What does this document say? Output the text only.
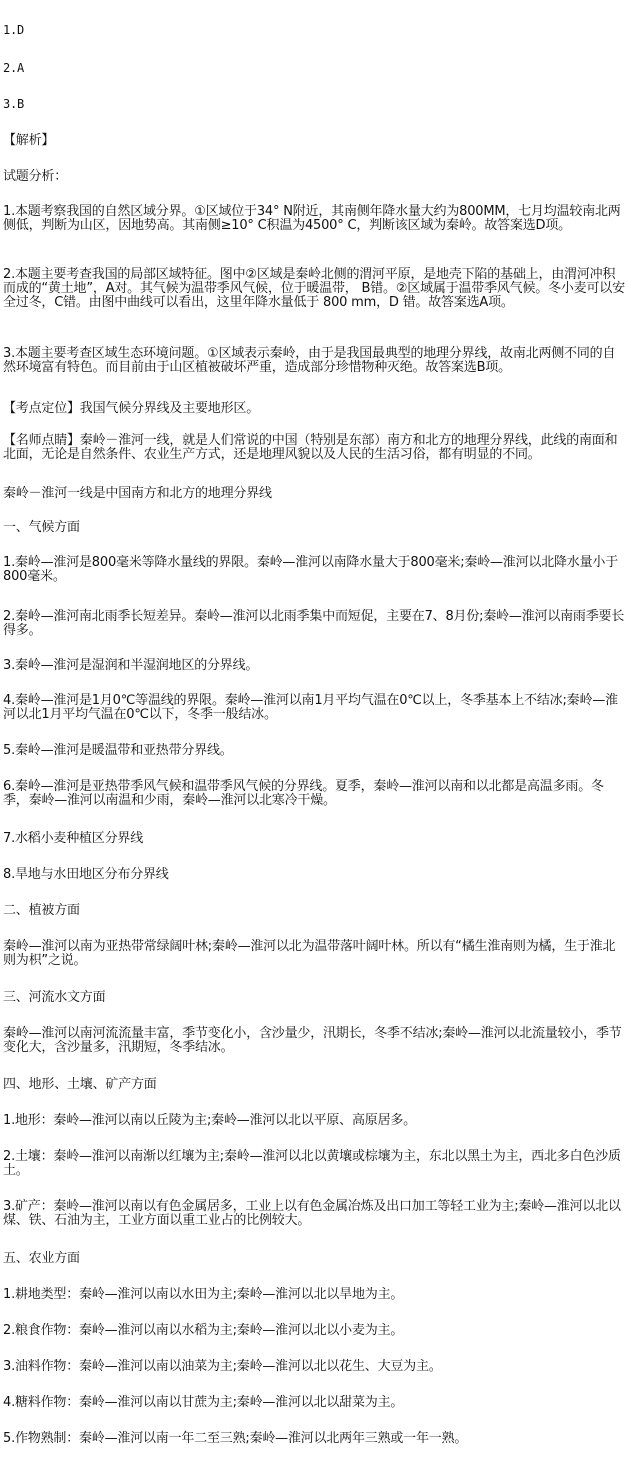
1.D
2.A
3.B
【解析】
试题分析：
1.本题考察我国的自然区域分界。①区域位于34° N附近，其南侧年降水量大约为800MM，七月均温较南北两侧低，判断为山区，因地势高。其南侧≥10° C积温为4500° C，判断该区域为秦岭。故答案选D项。
2.本题主要考查我国的局部区域特征。图中②区域是秦岭北侧的渭河平原，是地壳下陷的基础上，由渭河冲积而成的“黄土地”，A对。其气候为温带季风气候，位于暖温带， B错。②区域属于温带季风气候。冬小麦可以安全过冬，C错。由图中曲线可以看出，这里年降水量低于 800 mm，D 错。故答案选A项。
3.本题主要考查区域生态环境问题。①区域表示秦岭，由于是我国最典型的地理分界线，故南北两侧不同的自然环境富有特色。而目前由于山区植被破坏严重，造成部分珍惜物种灭绝。故答案选B项。
【考点定位】我国气候分界线及主要地形区。
【名师点睛】秦岭－淮河一线，就是人们常说的中国（特别是东部）南方和北方的地理分界线，此线的南面和北面，无论是自然条件、农业生产方式，还是地理风貌以及人民的生活习俗，都有明显的不同。
秦岭－淮河一线是中国南方和北方的地理分界线
一、气候方面
1.秦岭—淮河是800毫米等降水量线的界限。秦岭—淮河以南降水量大于800毫米;秦岭—淮河以北降水量小于800毫米。
2.秦岭—淮河南北雨季长短差异。秦岭—淮河以北雨季集中而短促，主要在7、8月份;秦岭—淮河以南雨季要长得多。
3.秦岭—淮河是湿润和半湿润地区的分界线。
4.秦岭—淮河是1月0℃等温线的界限。秦岭—淮河以南1月平均气温在0℃以上，冬季基本上不结冰;秦岭—淮河以北1月平均气温在0℃以下，冬季一般结冰。
5.秦岭—淮河是暖温带和亚热带分界线。
6.秦岭—淮河是亚热带季风气候和温带季风气候的分界线。夏季，秦岭—淮河以南和以北都是高温多雨。冬季，秦岭—淮河以南温和少雨，秦岭—淮河以北寒冷干燥。
7.水稻小麦种植区分界线
8.旱地与水田地区分布分界线
二、植被方面
秦岭—淮河以南为亚热带常绿阔叶林;秦岭—淮河以北为温带落叶阔叶林。所以有“橘生淮南则为橘，生于淮北则为枳”之说。
三、河流水文方面
秦岭—淮河以南河流流量丰富，季节变化小，含沙量少，汛期长，冬季不结冰;秦岭—淮河以北流量较小，季节变化大，含沙量多，汛期短，冬季结冰。
四、地形、土壤、矿产方面
1.地形：秦岭—淮河以南以丘陵为主;秦岭—淮河以北以平原、高原居多。
2.土壤：秦岭—淮河以南渐以红壤为主;秦岭—淮河以北以黄壤或棕壤为主，东北以黑土为主，西北多白色沙质土。
3.矿产：秦岭—淮河以南以有色金属居多，工业上以有色金属冶炼及出口加工等轻工业为主;秦岭—淮河以北以煤、铁、石油为主，工业方面以重工业占的比例较大。
五、农业方面
1.耕地类型：秦岭—淮河以南以水田为主;秦岭—淮河以北以旱地为主。
2.粮食作物：秦岭—淮河以南以水稻为主;秦岭—淮河以北以小麦为主。
3.油料作物：秦岭—淮河以南以油菜为主;秦岭—淮河以北以花生、大豆为主。
4.糖料作物：秦岭—淮河以南以甘蔗为主;秦岭—淮河以北以甜菜为主。
5.作物熟制：秦岭—淮河以南一年二至三熟;秦岭—淮河以北两年三熟或一年一熟。
